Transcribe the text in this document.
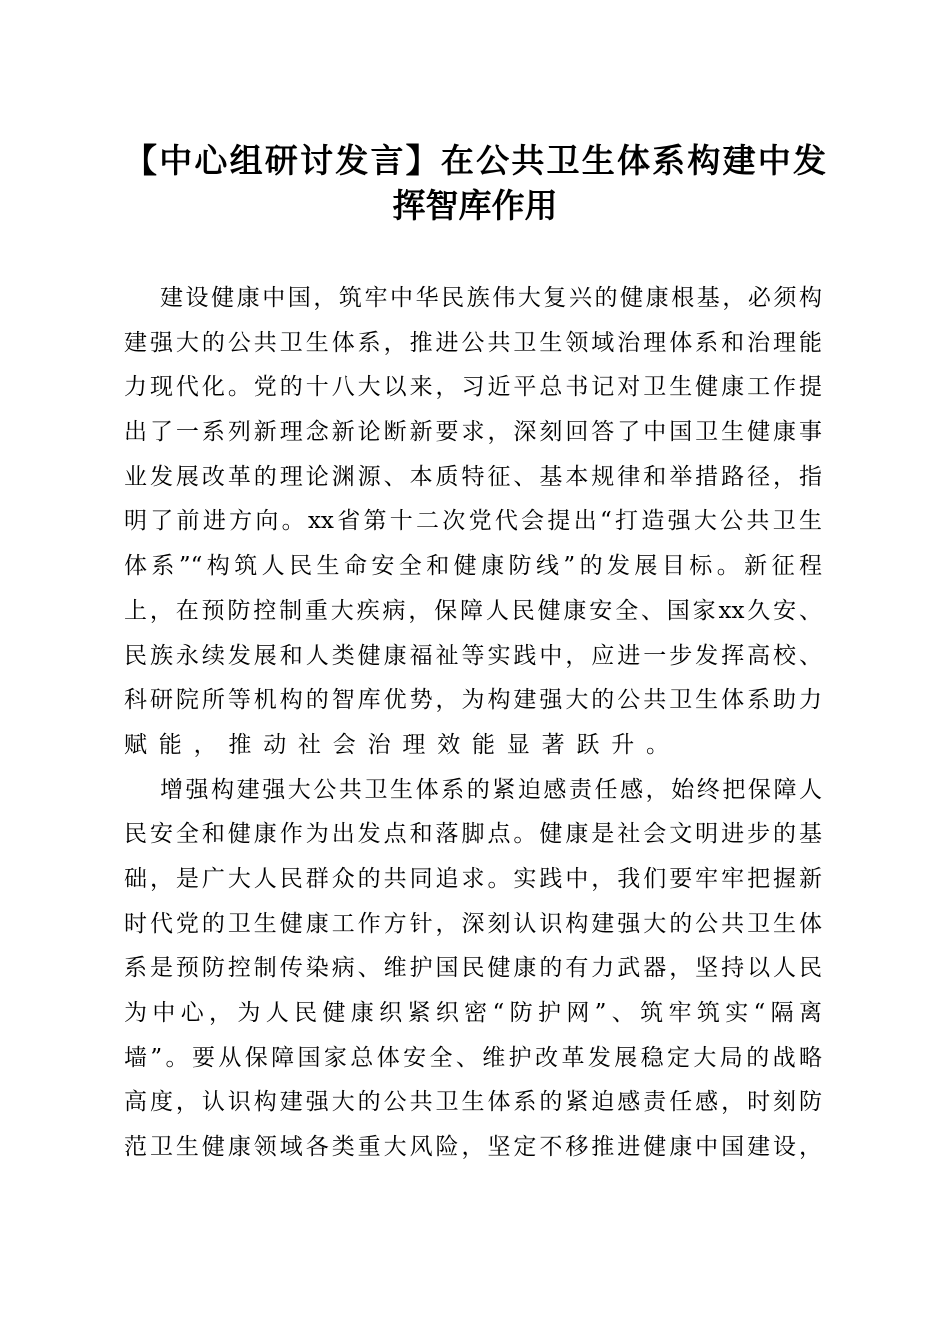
【中心组研讨发言】在公共卫生体系构建中发
挥智库作用
建设健康中国，筑牢中华民族伟大复兴的健康根基，必须构
建强大的公共卫生体系，推进公共卫生领域治理体系和治理能
力现代化。党的十八大以来，习近平总书记对卫生健康工作提
出了一系列新理念新论断新要求，深刻回答了中国卫生健康事
业发展改革的理论渊源、本质特征、基本规律和举措路径，指
明了前进方向。xx省第十二次党代会提出“打造强大公共卫生
体系”“构筑人民生命安全和健康防线”的发展目标。新征程
上，在预防控制重大疾病，保障人民健康安全、国家xx久安、
民族永续发展和人类健康福祉等实践中，应进一步发挥高校、
科研院所等机构的智库优势，为构建强大的公共卫生体系助力
赋能，推动社会治理效能显著跃升。
增强构建强大公共卫生体系的紧迫感责任感，始终把保障人
民安全和健康作为出发点和落脚点。健康是社会文明进步的基
础，是广大人民群众的共同追求。实践中，我们要牢牢把握新
时代党的卫生健康工作方针，深刻认识构建强大的公共卫生体
系是预防控制传染病、维护国民健康的有力武器，坚持以人民
为中心，为人民健康织紧织密“防护网”、筑牢筑实“隔离
墙”。要从保障国家总体安全、维护改革发展稳定大局的战略
高度，认识构建强大的公共卫生体系的紧迫感责任感，时刻防
范卫生健康领域各类重大风险，坚定不移推进健康中国建设，
